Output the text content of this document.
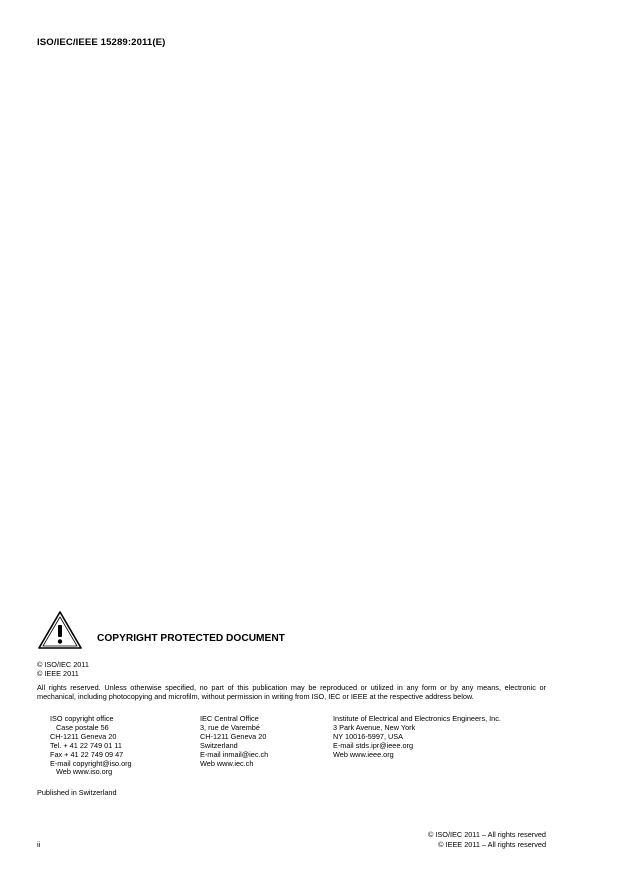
ISO/IEC/IEEE 15289:2011(E)
COPYRIGHT PROTECTED DOCUMENT
© ISO/IEC 2011
© IEEE 2011
All rights reserved. Unless otherwise specified, no part of this publication may be reproduced or utilized in any form or by any means, electronic or mechanical, including photocopying and microfilm, without permission in writing from ISO, IEC or IEEE at the respective address below.
ISO copyright office
Case postale 56
CH-1211 Geneva 20
Tel. + 41 22 749 01 11
Fax + 41 22 749 09 47
E-mail copyright@iso.org
Web www.iso.org
IEC Central Office
3, rue de Varembé
CH-1211 Geneva 20
Switzerland
E-mail inmail@iec.ch
Web www.iec.ch
Institute of Electrical and Electronics Engineers, Inc.
3 Park Avenue, New York
NY 10016-5997, USA
E-mail stds.ipr@ieee.org
Web www.ieee.org
Published in Switzerland
ii
© ISO/IEC 2011 – All rights reserved
© IEEE 2011 – All rights reserved
